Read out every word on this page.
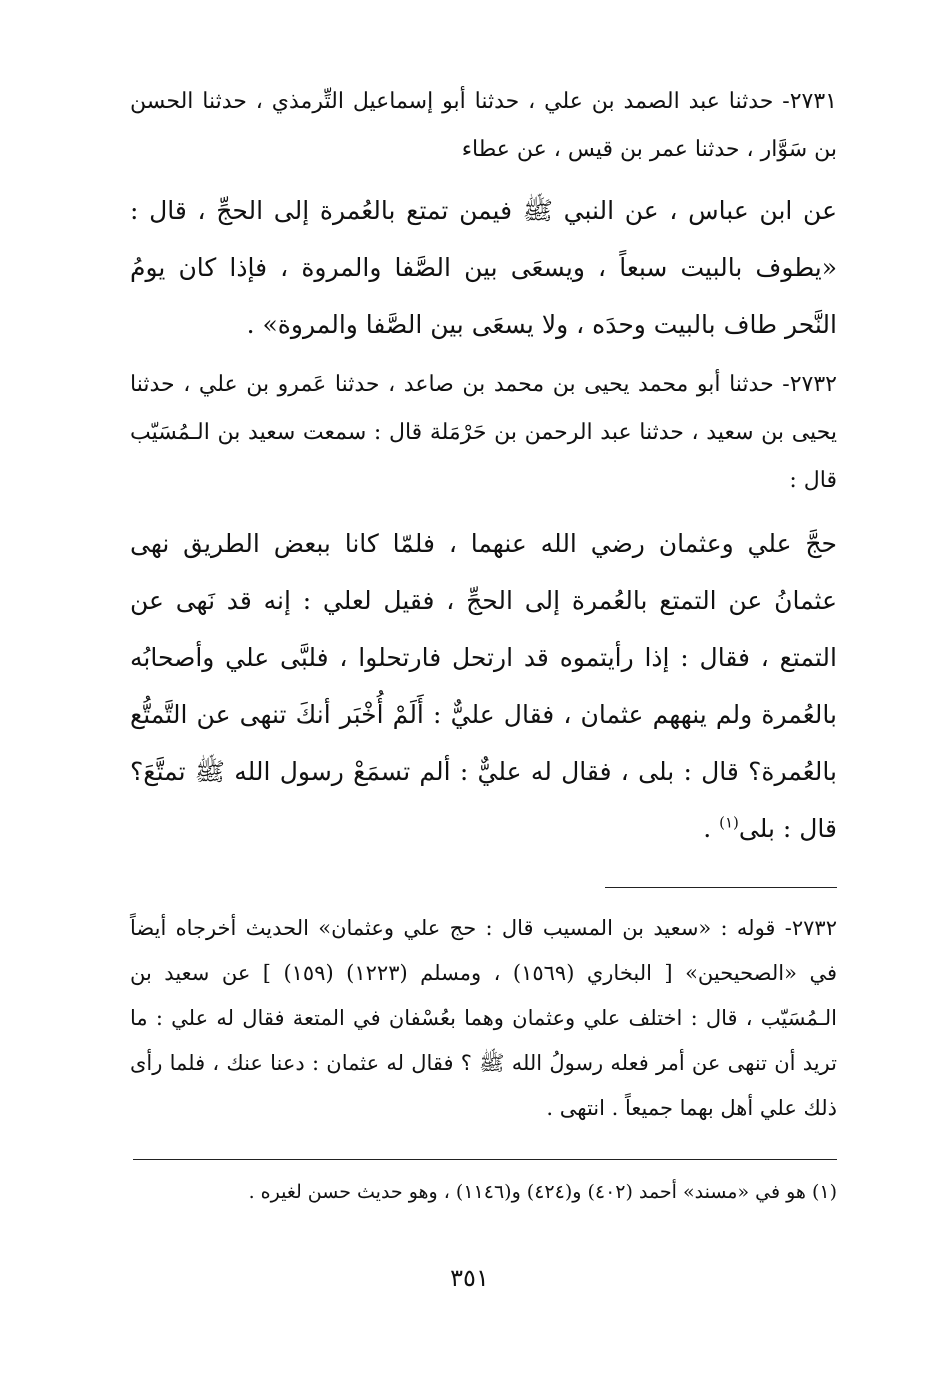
٢٧٣١- حدثنا عبد الصمد بن علي ، حدثنا أبو إسماعيل التِّرمذي ، حدثنا الحسن بن سَوَّار ، حدثنا عمر بن قيس ، عن عطاء

عن ابن عباس ، عن النبي ﷺ فيمن تمتع بالعُمرة إلى الحجِّ ، قال : «يطوف بالبيت سبعاً ، ويسعَى بين الصَّفا والمروة ، فإذا كان يومُ النَّحر طاف بالبيت وحدَه ، ولا يسعَى بين الصَّفا والمروة» .

٢٧٣٢- حدثنا أبو محمد يحيى بن محمد بن صاعد ، حدثنا عَمرو بن علي ، حدثنا يحيى بن سعيد ، حدثنا عبد الرحمن بن حَرْمَلة قال : سمعت سعيد بن الـمُسَيّب قال :

حجَّ علي وعثمان رضي الله عنهما ، فلمّا كانا ببعض الطريق نهى عثمانُ عن التمتع بالعُمرة إلى الحجِّ ، فقيل لعلي : إنه قد نَهى عن التمتع ، فقال : إذا رأيتموه قد ارتحل فارتحلوا ، فلبَّى علي وأصحابُه بالعُمرة ولم ينههم عثمان ، فقال عليٌّ : أَلَمْ أُخْبَر أنكَ تنهى عن التَّمتُّع بالعُمرة؟ قال : بلى ، فقال له عليٌّ : ألم تسمَعْ رسول الله ﷺ تمتَّعَ؟ قال : بلى$^{(١)}$ .

٢٧٣٢- قوله : «سعيد بن المسيب قال : حج علي وعثمان» الحديث أخرجاه أيضاً في «الصحيحين» [ البخاري (١٥٦٩) ، ومسلم (١٢٢٣) (١٥٩) ] عن سعيد بن الـمُسَيّب ، قال : اختلف علي وعثمان وهما بعُسْفان في المتعة فقال له علي : ما تريد أن تنهى عن أمر فعله رسولُ الله ﷺ ؟ فقال له عثمان : دعنا عنك ، فلما رأى ذلك علي أهل بهما جميعاً . انتهى .

(١) هو في «مسند» أحمد (٤٠٢) و(٤٢٤) و(١١٤٦) ، وهو حديث حسن لغيره .

٣٥١
